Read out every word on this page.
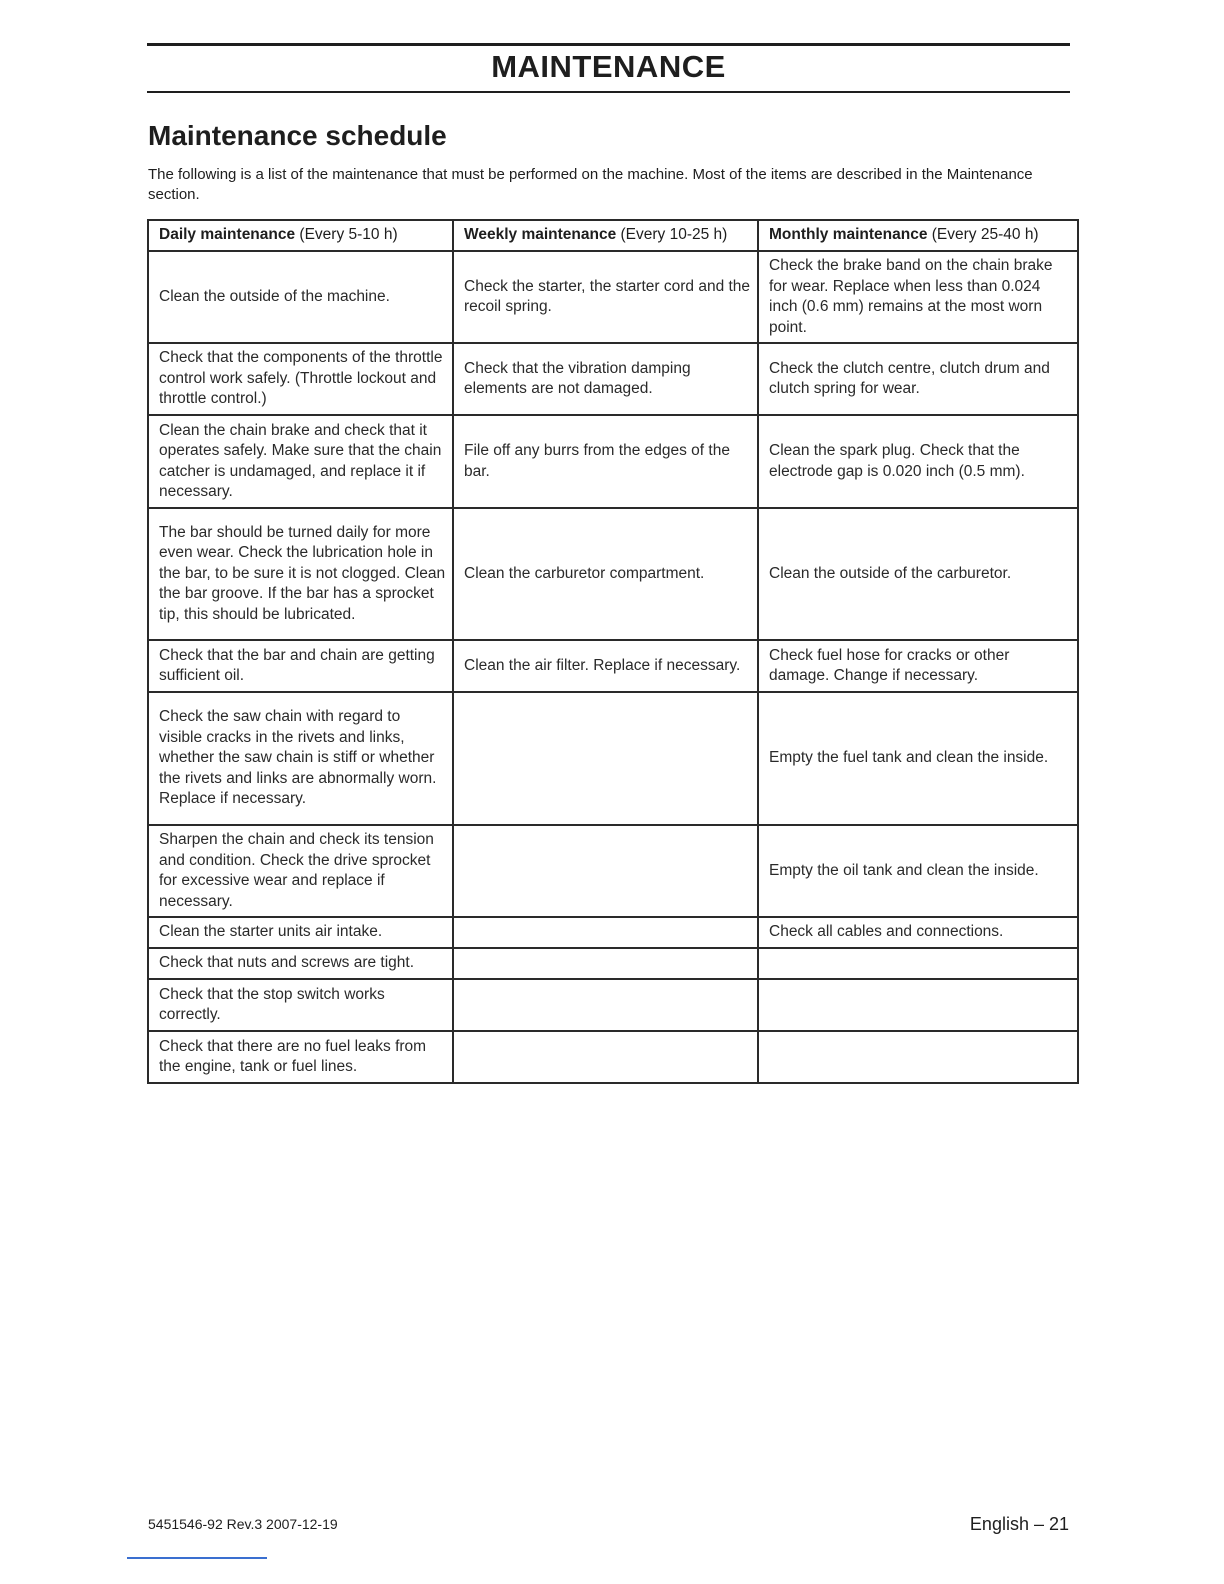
MAINTENANCE
Maintenance schedule

The following is a list of the maintenance that must be performed on the machine. Most of the items are described in the Maintenance section.

Daily maintenance (Every 5-10 h)	Weekly maintenance (Every 10-25 h)	Monthly maintenance (Every 25-40 h)
Clean the outside of the machine.	Check the starter, the starter cord and the recoil spring.	Check the brake band on the chain brake for wear. Replace when less than 0.024 inch (0.6 mm) remains at the most worn point.
Check that the components of the throttle control work safely. (Throttle lockout and throttle control.)	Check that the vibration damping elements are not damaged.	Check the clutch centre, clutch drum and clutch spring for wear.
Clean the chain brake and check that it operates safely. Make sure that the chain catcher is undamaged, and replace it if necessary.	File off any burrs from the edges of the bar.	Clean the spark plug. Check that the electrode gap is 0.020 inch (0.5 mm).
The bar should be turned daily for more even wear. Check the lubrication hole in the bar, to be sure it is not clogged. Clean the bar groove. If the bar has a sprocket tip, this should be lubricated.	Clean the carburetor compartment.	Clean the outside of the carburetor.
Check that the bar and chain are getting sufficient oil.	Clean the air filter. Replace if necessary.	Check fuel hose for cracks or other damage. Change if necessary.
Check the saw chain with regard to visible cracks in the rivets and links, whether the saw chain is stiff or whether the rivets and links are abnormally worn. Replace if necessary.		Empty the fuel tank and clean the inside.
Sharpen the chain and check its tension and condition. Check the drive sprocket for excessive wear and replace if necessary.		Empty the oil tank and clean the inside.
Clean the starter units air intake.		Check all cables and connections.
Check that nuts and screws are tight.		
Check that the stop switch works correctly.		
Check that there are no fuel leaks from the engine, tank or fuel lines.		
5451546-92 Rev.3 2007-12-19	English – 21
